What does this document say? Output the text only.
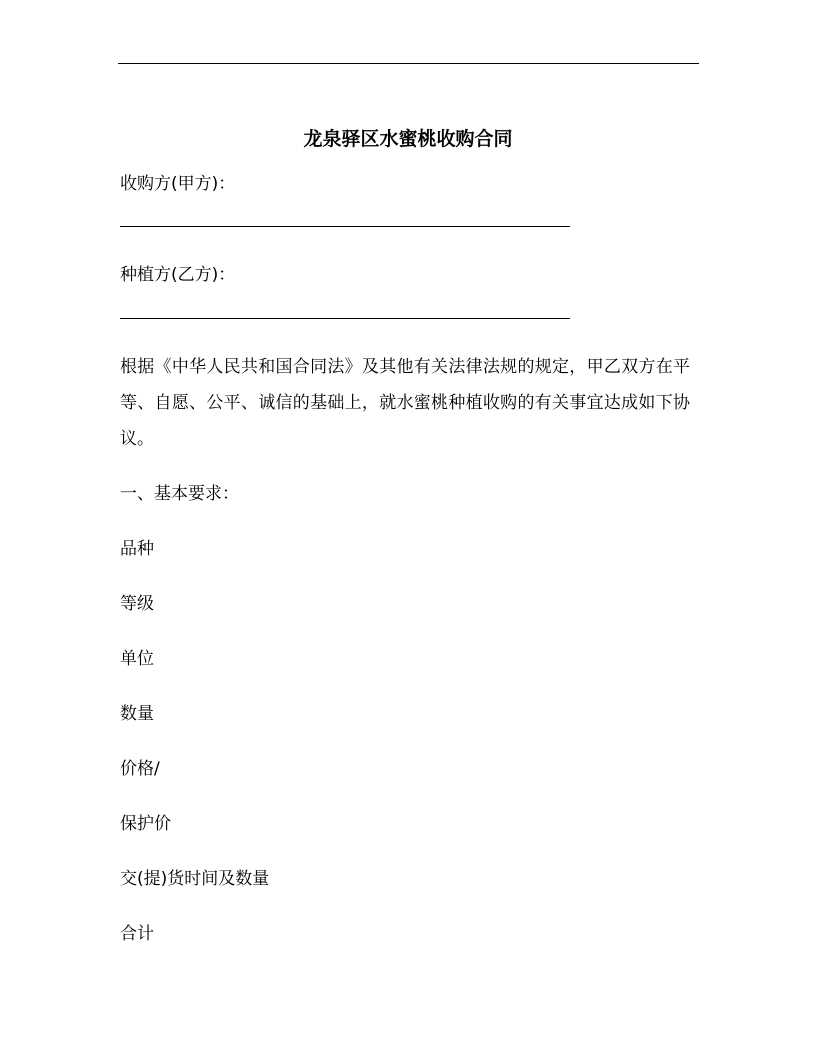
龙泉驿区水蜜桃收购合同
收购方(甲方)：
种植方(乙方)：
根据《中华人民共和国合同法》及其他有关法律法规的规定，甲乙双方在平等、自愿、公平、诚信的基础上，就水蜜桃种植收购的有关事宜达成如下协议。
一、基本要求：
品种
等级
单位
数量
价格/
保护价
交(提)货时间及数量
合计
